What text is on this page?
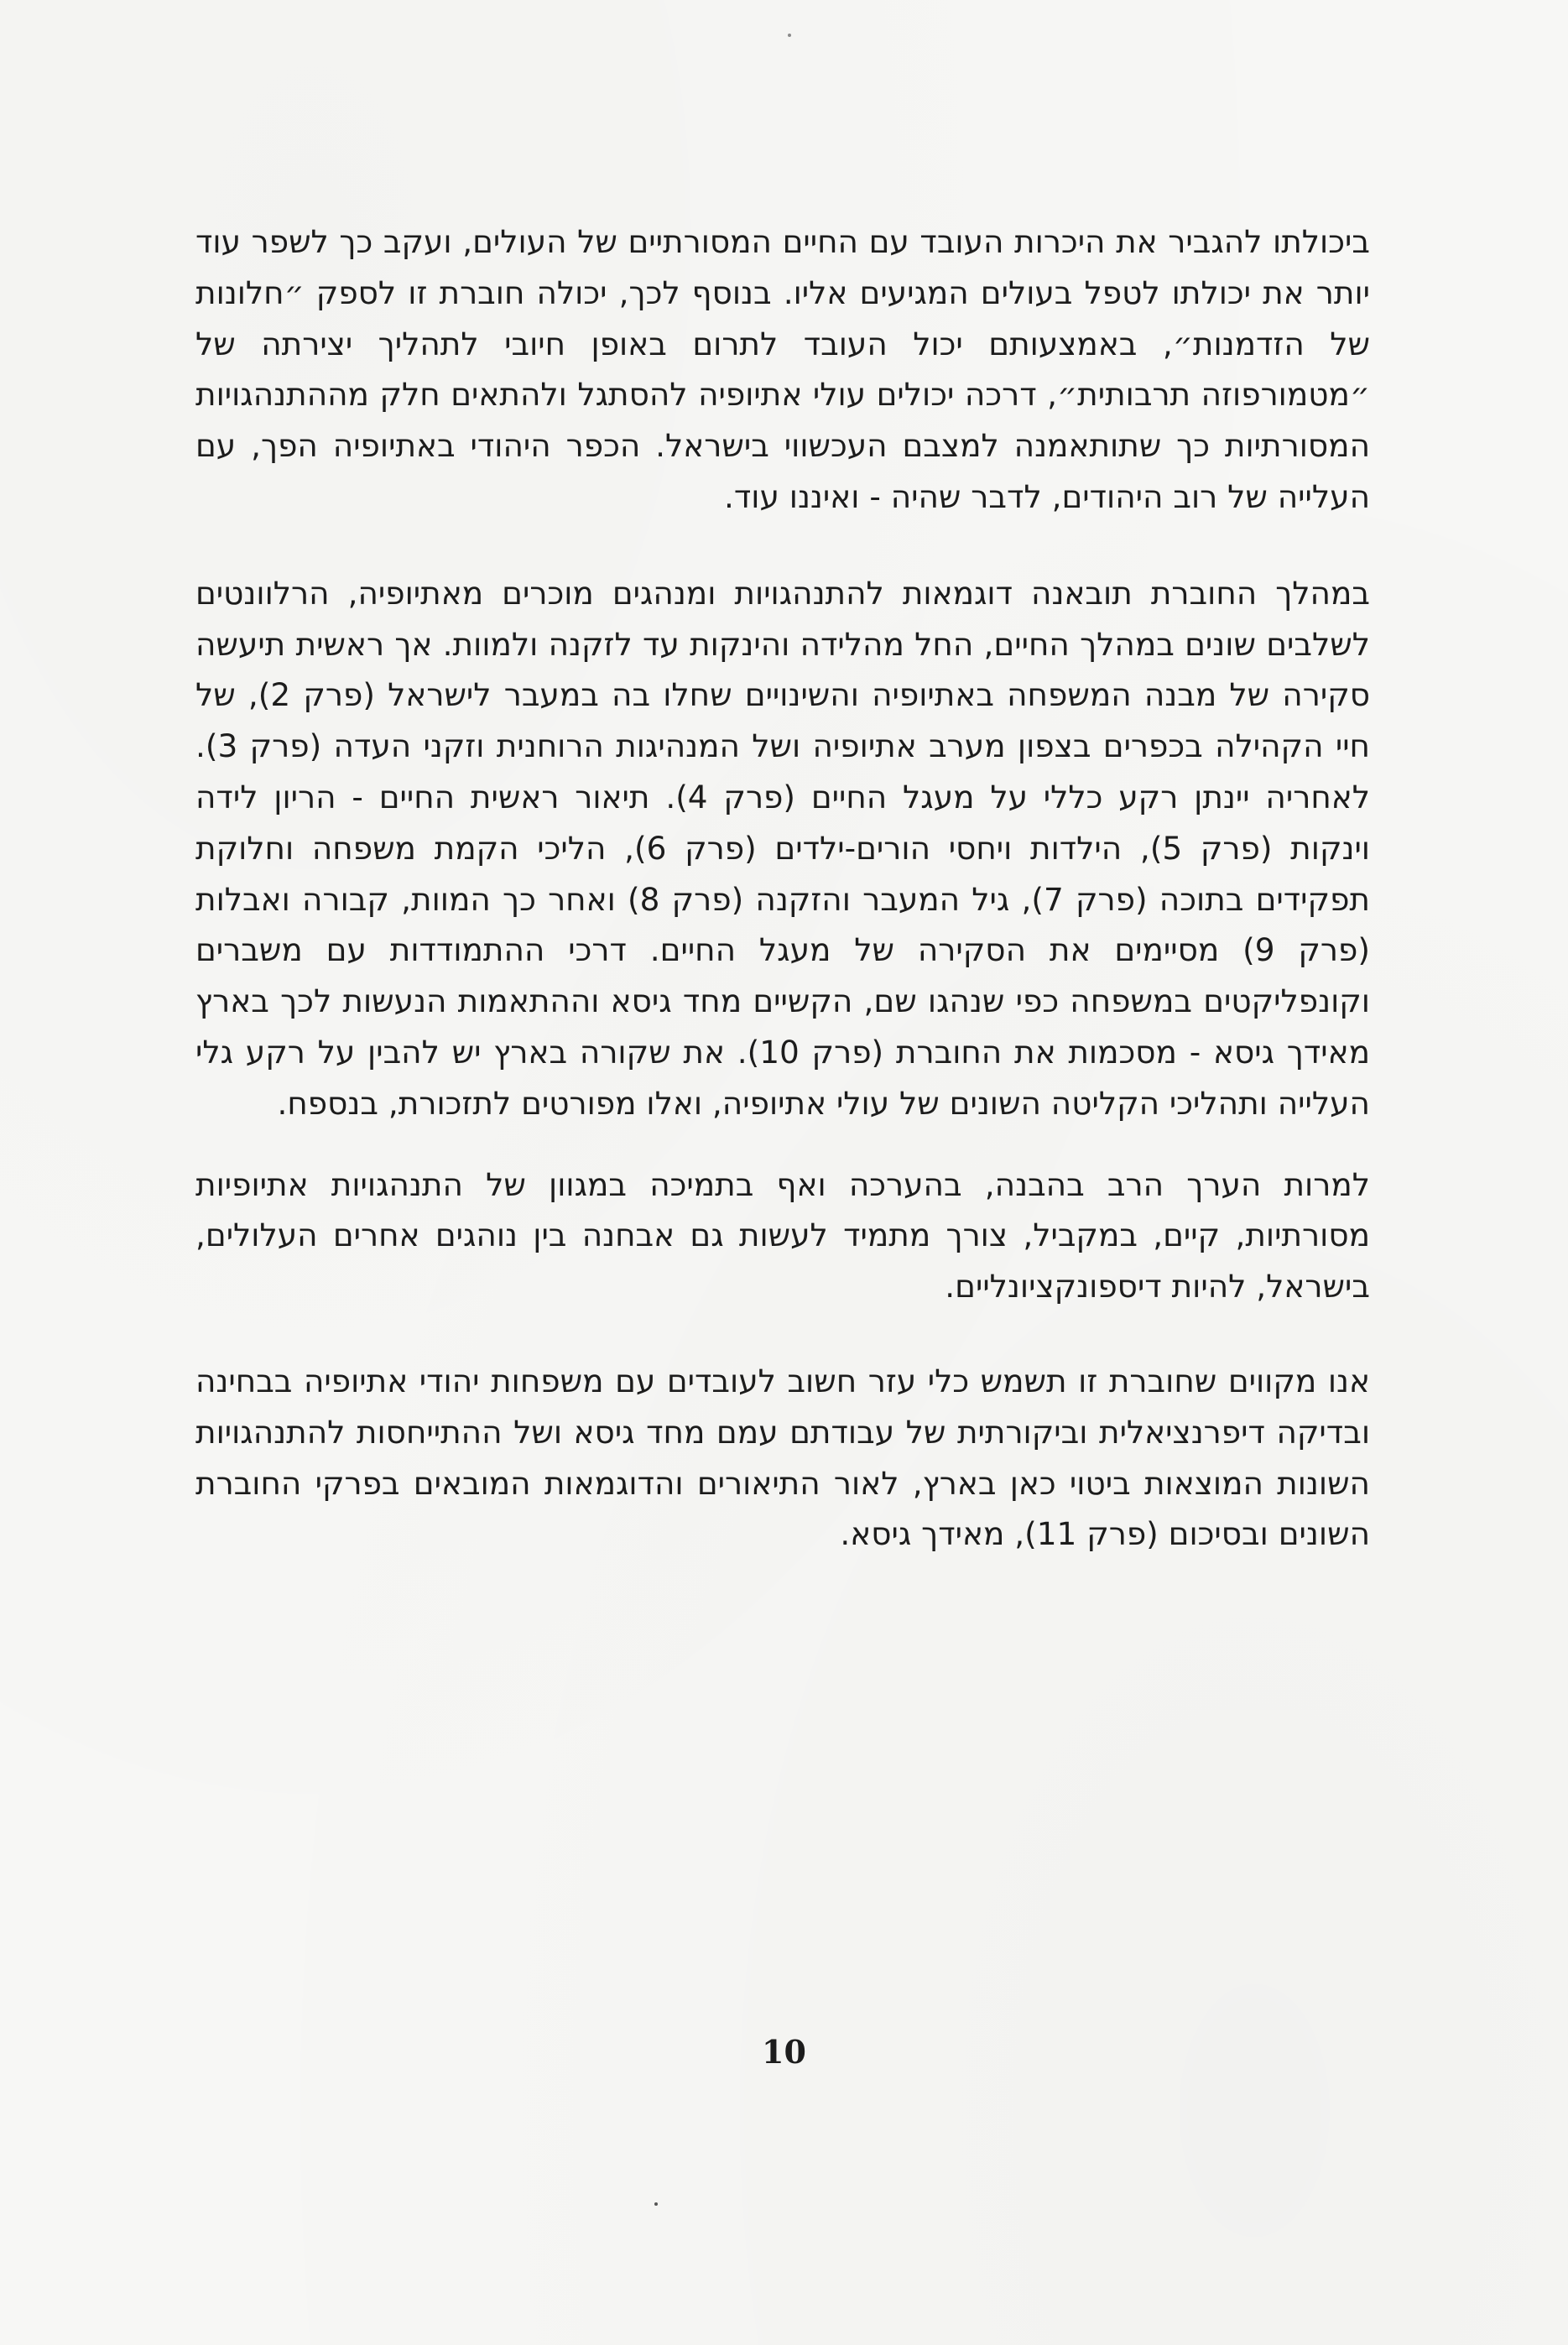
ביכולתו להגביר את היכרות העובד עם החיים המסורתיים של העולים, ועקב כך לשפר עוד יותר את יכולתו לטפל בעולים המגיעים אליו. בנוסף לכך, יכולה חוברת זו לספק ״חלונות של הזדמנות״, באמצעותם יכול העובד לתרום באופן חיובי לתהליך יצירתה של ״מטמורפוזה תרבותית״, דרכה יכולים עולי אתיופיה להסתגל ולהתאים חלק מההתנהגויות המסורתיות כך שתותאמנה למצבם העכשווי בישראל. הכפר היהודי באתיופיה הפך, עם העלייה של רוב היהודים, לדבר שהיה - ואיננו עוד.

במהלך החוברת תובאנה דוגמאות להתנהגויות ומנהגים מוכרים מאתיופיה, הרלוונטים לשלבים שונים במהלך החיים, החל מהלידה והינקות עד לזקנה ולמוות. אך ראשית תיעשה סקירה של מבנה המשפחה באתיופיה והשינויים שחלו בה במעבר לישראל (פרק 2), של חיי הקהילה בכפרים בצפון מערב אתיופיה ושל המנהיגות הרוחנית וזקני העדה (פרק 3). לאחריה יינתן רקע כללי על מעגל החיים (פרק 4). תיאור ראשית החיים - הריון לידה וינקות (פרק 5), הילדות ויחסי הורים-ילדים (פרק 6), הליכי הקמת משפחה וחלוקת תפקידים בתוכה (פרק 7), גיל המעבר והזקנה (פרק 8) ואחר כך המוות, קבורה ואבלות (פרק 9) מסיימים את הסקירה של מעגל החיים. דרכי ההתמודדות עם משברים וקונפליקטים במשפחה כפי שנהגו שם, הקשיים מחד גיסא וההתאמות הנעשות לכך בארץ מאידך גיסא - מסכמות את החוברת (פרק 10). את שקורה בארץ יש להבין על רקע גלי העלייה ותהליכי הקליטה השונים של עולי אתיופיה, ואלו מפורטים לתזכורת, בנספח.

למרות הערך הרב בהבנה, בהערכה ואף בתמיכה במגוון של התנהגויות אתיופיות מסורתיות, קיים, במקביל, צורך מתמיד לעשות גם אבחנה בין נוהגים אחרים העלולים, בישראל, להיות דיספונקציונליים.

אנו מקווים שחוברת זו תשמש כלי עזר חשוב לעובדים עם משפחות יהודי אתיופיה בבחינה ובדיקה דיפרנציאלית וביקורתית של עבודתם עמם מחד גיסא ושל ההתייחסות להתנהגויות השונות המוצאות ביטוי כאן בארץ, לאור התיאורים והדוגמאות המובאים בפרקי החוברת השונים ובסיכום (פרק 11), מאידך גיסא.

10
